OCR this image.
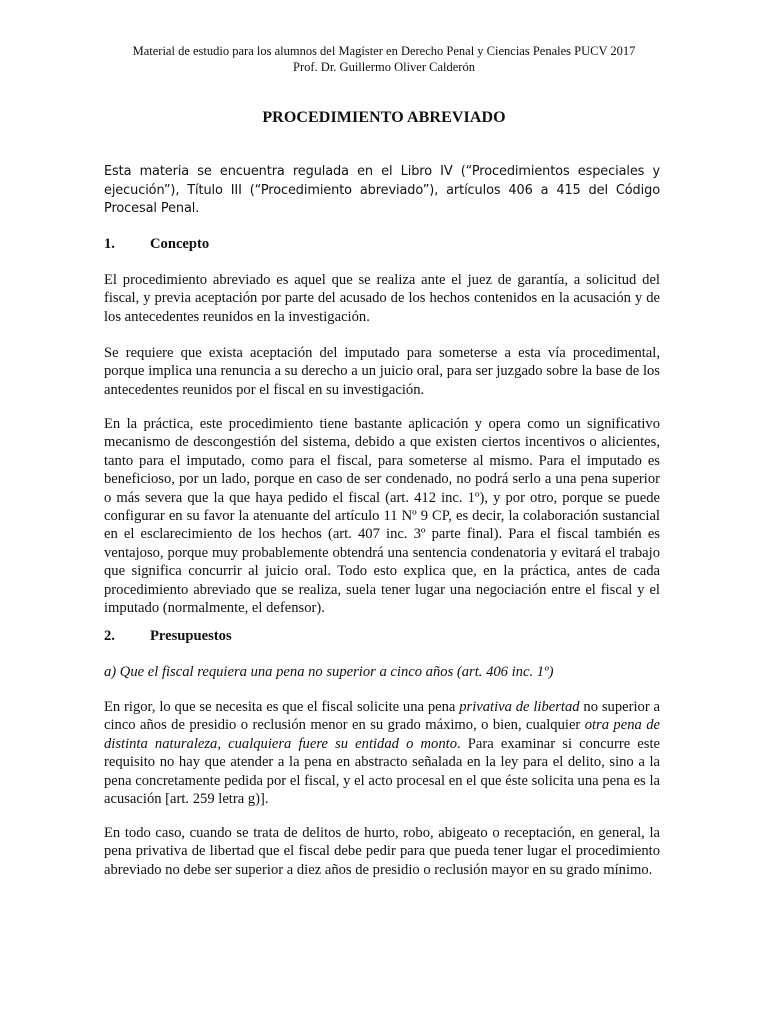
Material de estudio para los alumnos del Magíster en Derecho Penal y Ciencias Penales PUCV 2017
Prof. Dr. Guillermo Oliver Calderón
PROCEDIMIENTO ABREVIADO
Esta materia se encuentra regulada en el Libro IV (“Procedimientos especiales y ejecución”), Título III (“Procedimiento abreviado”), artículos 406 a 415 del Código Procesal Penal.
1. Concepto
El procedimiento abreviado es aquel que se realiza ante el juez de garantía, a solicitud del fiscal, y previa aceptación por parte del acusado de los hechos contenidos en la acusación y de los antecedentes reunidos en la investigación.
Se requiere que exista aceptación del imputado para someterse a esta vía procedimental, porque implica una renuncia a su derecho a un juicio oral, para ser juzgado sobre la base de los antecedentes reunidos por el fiscal en su investigación.
En la práctica, este procedimiento tiene bastante aplicación y opera como un significativo mecanismo de descongestión del sistema, debido a que existen ciertos incentivos o alicientes, tanto para el imputado, como para el fiscal, para someterse al mismo. Para el imputado es beneficioso, por un lado, porque en caso de ser condenado, no podrá serlo a una pena superior o más severa que la que haya pedido el fiscal (art. 412 inc. 1º), y por otro, porque se puede configurar en su favor la atenuante del artículo 11 Nº 9 CP, es decir, la colaboración sustancial en el esclarecimiento de los hechos (art. 407 inc. 3º parte final). Para el fiscal también es ventajoso, porque muy probablemente obtendrá una sentencia condenatoria y evitará el trabajo que significa concurrir al juicio oral. Todo esto explica que, en la práctica, antes de cada procedimiento abreviado que se realiza, suela tener lugar una negociación entre el fiscal y el imputado (normalmente, el defensor).
2. Presupuestos
a) Que el fiscal requiera una pena no superior a cinco años (art. 406 inc. 1º)
En rigor, lo que se necesita es que el fiscal solicite una pena privativa de libertad no superior a cinco años de presidio o reclusión menor en su grado máximo, o bien, cualquier otra pena de distinta naturaleza, cualquiera fuere su entidad o monto. Para examinar si concurre este requisito no hay que atender a la pena en abstracto señalada en la ley para el delito, sino a la pena concretamente pedida por el fiscal, y el acto procesal en el que éste solicita una pena es la acusación [art. 259 letra g)].
En todo caso, cuando se trata de delitos de hurto, robo, abigeato o receptación, en general, la pena privativa de libertad que el fiscal debe pedir para que pueda tener lugar el procedimiento abreviado no debe ser superior a diez años de presidio o reclusión mayor en su grado mínimo.
